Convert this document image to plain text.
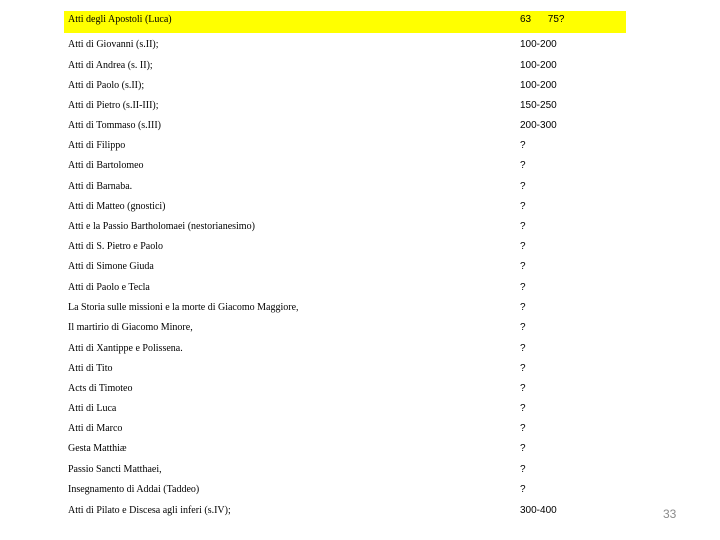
Atti degli Apostoli (Luca)	63      75?
Atti di Giovanni (s.II);	100-200
Atti di Andrea (s. II);	100-200
Atti di Paolo (s.II);	100-200
Atti di Pietro (s.II-III);	150-250
Atti di Tommaso (s.III)	200-300
Atti di Filippo	?
Atti di Bartolomeo	?
Atti di Barnaba.	?
Atti di Matteo (gnostici)	?
Atti e la Passio Bartholomaei (nestorianesimo)	?
Atti di S. Pietro e Paolo	?
Atti di Simone Giuda	?
Atti di Paolo e Tecla	?
La Storia sulle missioni e la morte di Giacomo Maggiore,	?
Il martirio di Giacomo Minore,	?
Atti di Xantippe e Polissena.	?
Atti di Tito	?
Acts di Timoteo	?
Atti di Luca	?
Atti di Marco	?
Gesta Matthiæ	?
Passio Sancti Matthaei,	?
Insegnamento di Addai (Taddeo)	?
Atti di Pilato e Discesa agli inferi (s.IV);	300-400	33
